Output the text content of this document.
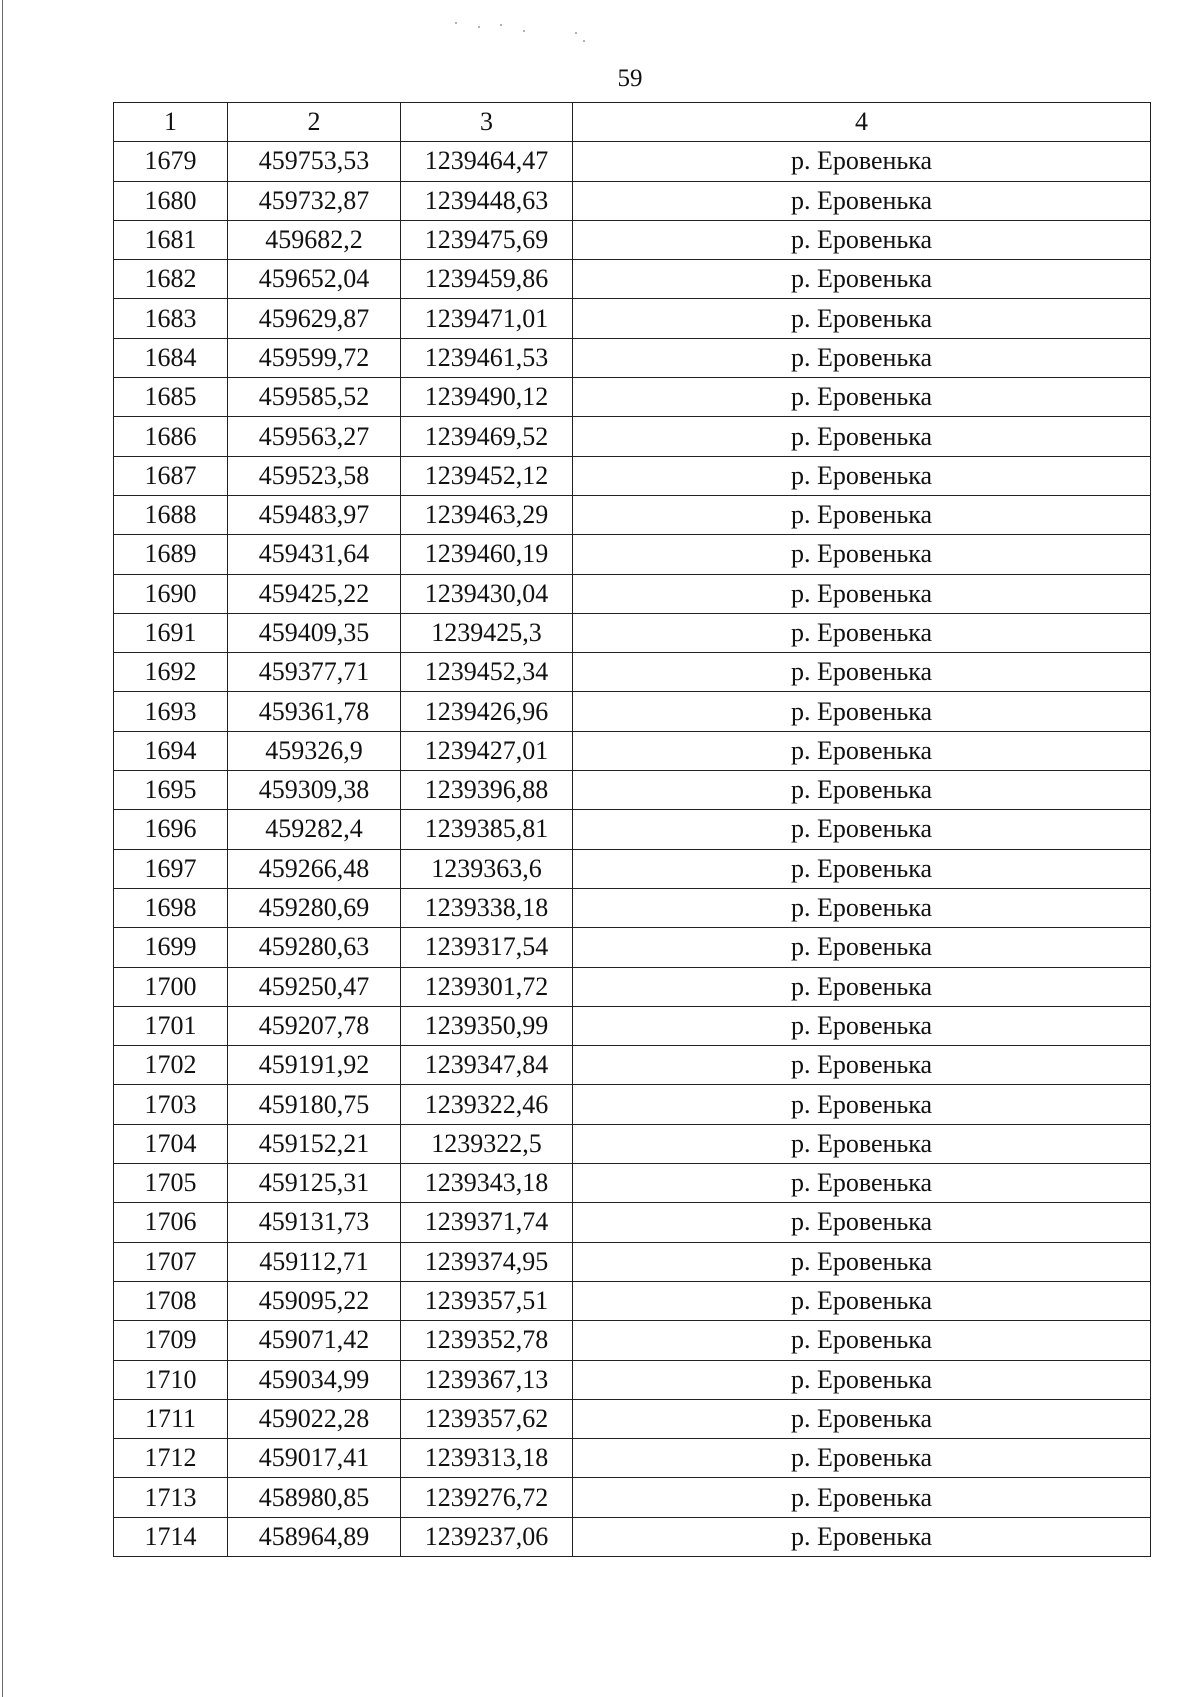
59
1	2	3	4
1679	459753,53	1239464,47	р. Еровенька
1680	459732,87	1239448,63	р. Еровенька
1681	459682,2	1239475,69	р. Еровенька
1682	459652,04	1239459,86	р. Еровенька
1683	459629,87	1239471,01	р. Еровенька
1684	459599,72	1239461,53	р. Еровенька
1685	459585,52	1239490,12	р. Еровенька
1686	459563,27	1239469,52	р. Еровенька
1687	459523,58	1239452,12	р. Еровенька
1688	459483,97	1239463,29	р. Еровенька
1689	459431,64	1239460,19	р. Еровенька
1690	459425,22	1239430,04	р. Еровенька
1691	459409,35	1239425,3	р. Еровенька
1692	459377,71	1239452,34	р. Еровенька
1693	459361,78	1239426,96	р. Еровенька
1694	459326,9	1239427,01	р. Еровенька
1695	459309,38	1239396,88	р. Еровенька
1696	459282,4	1239385,81	р. Еровенька
1697	459266,48	1239363,6	р. Еровенька
1698	459280,69	1239338,18	р. Еровенька
1699	459280,63	1239317,54	р. Еровенька
1700	459250,47	1239301,72	р. Еровенька
1701	459207,78	1239350,99	р. Еровенька
1702	459191,92	1239347,84	р. Еровенька
1703	459180,75	1239322,46	р. Еровенька
1704	459152,21	1239322,5	р. Еровенька
1705	459125,31	1239343,18	р. Еровенька
1706	459131,73	1239371,74	р. Еровенька
1707	459112,71	1239374,95	р. Еровенька
1708	459095,22	1239357,51	р. Еровенька
1709	459071,42	1239352,78	р. Еровенька
1710	459034,99	1239367,13	р. Еровенька
1711	459022,28	1239357,62	р. Еровенька
1712	459017,41	1239313,18	р. Еровенька
1713	458980,85	1239276,72	р. Еровенька
1714	458964,89	1239237,06	р. Еровенька
